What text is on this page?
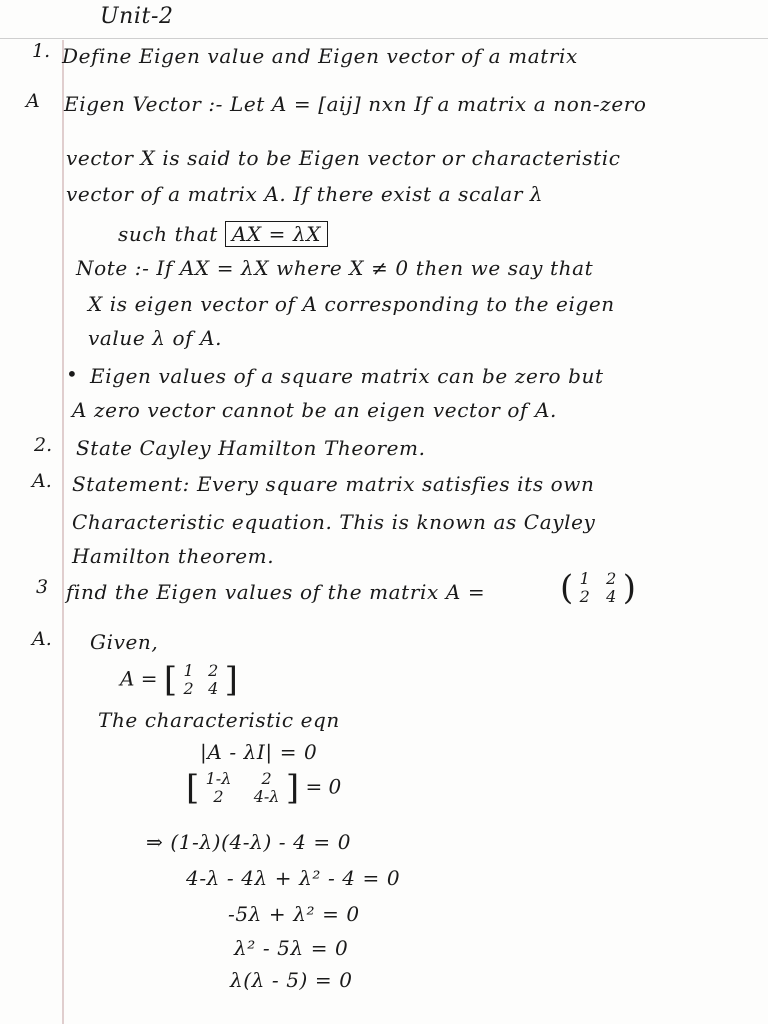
Unit-2
1. Define Eigen value and Eigen vector of a matrix
A Eigen Vector :- Let A = [aij] nxn If a matrix a non-zero
vector X is said to be Eigen vector or characteristic
vector of a matrix A. If there exist a scalar λ
such that AX = λX
Note :- If AX = λX where X ≠ 0 then we say that
X is eigen vector of A corresponding to the eigen
value λ of A.
• Eigen values of a square matrix can be zero but
A zero vector cannot be an eigen vector of A.
2. State Cayley Hamilton Theorem.
A. Statement: Every square matrix satisfies its own
Characteristic equation. This is known as Cayley
Hamilton theorem.
3 find the Eigen values of the matrix A = ( 1
2

2
4 )
A. Given,
A = [ 1
2

2
4 ]
The characteristic eqn
|A - λI| = 0
[ 1-λ
2

2
4-λ ] = 0
⇒ (1-λ)(4-λ) - 4 = 0
4-λ - 4λ + λ² - 4 = 0
-5λ + λ² = 0
λ² - 5λ = 0
λ(λ - 5) = 0
